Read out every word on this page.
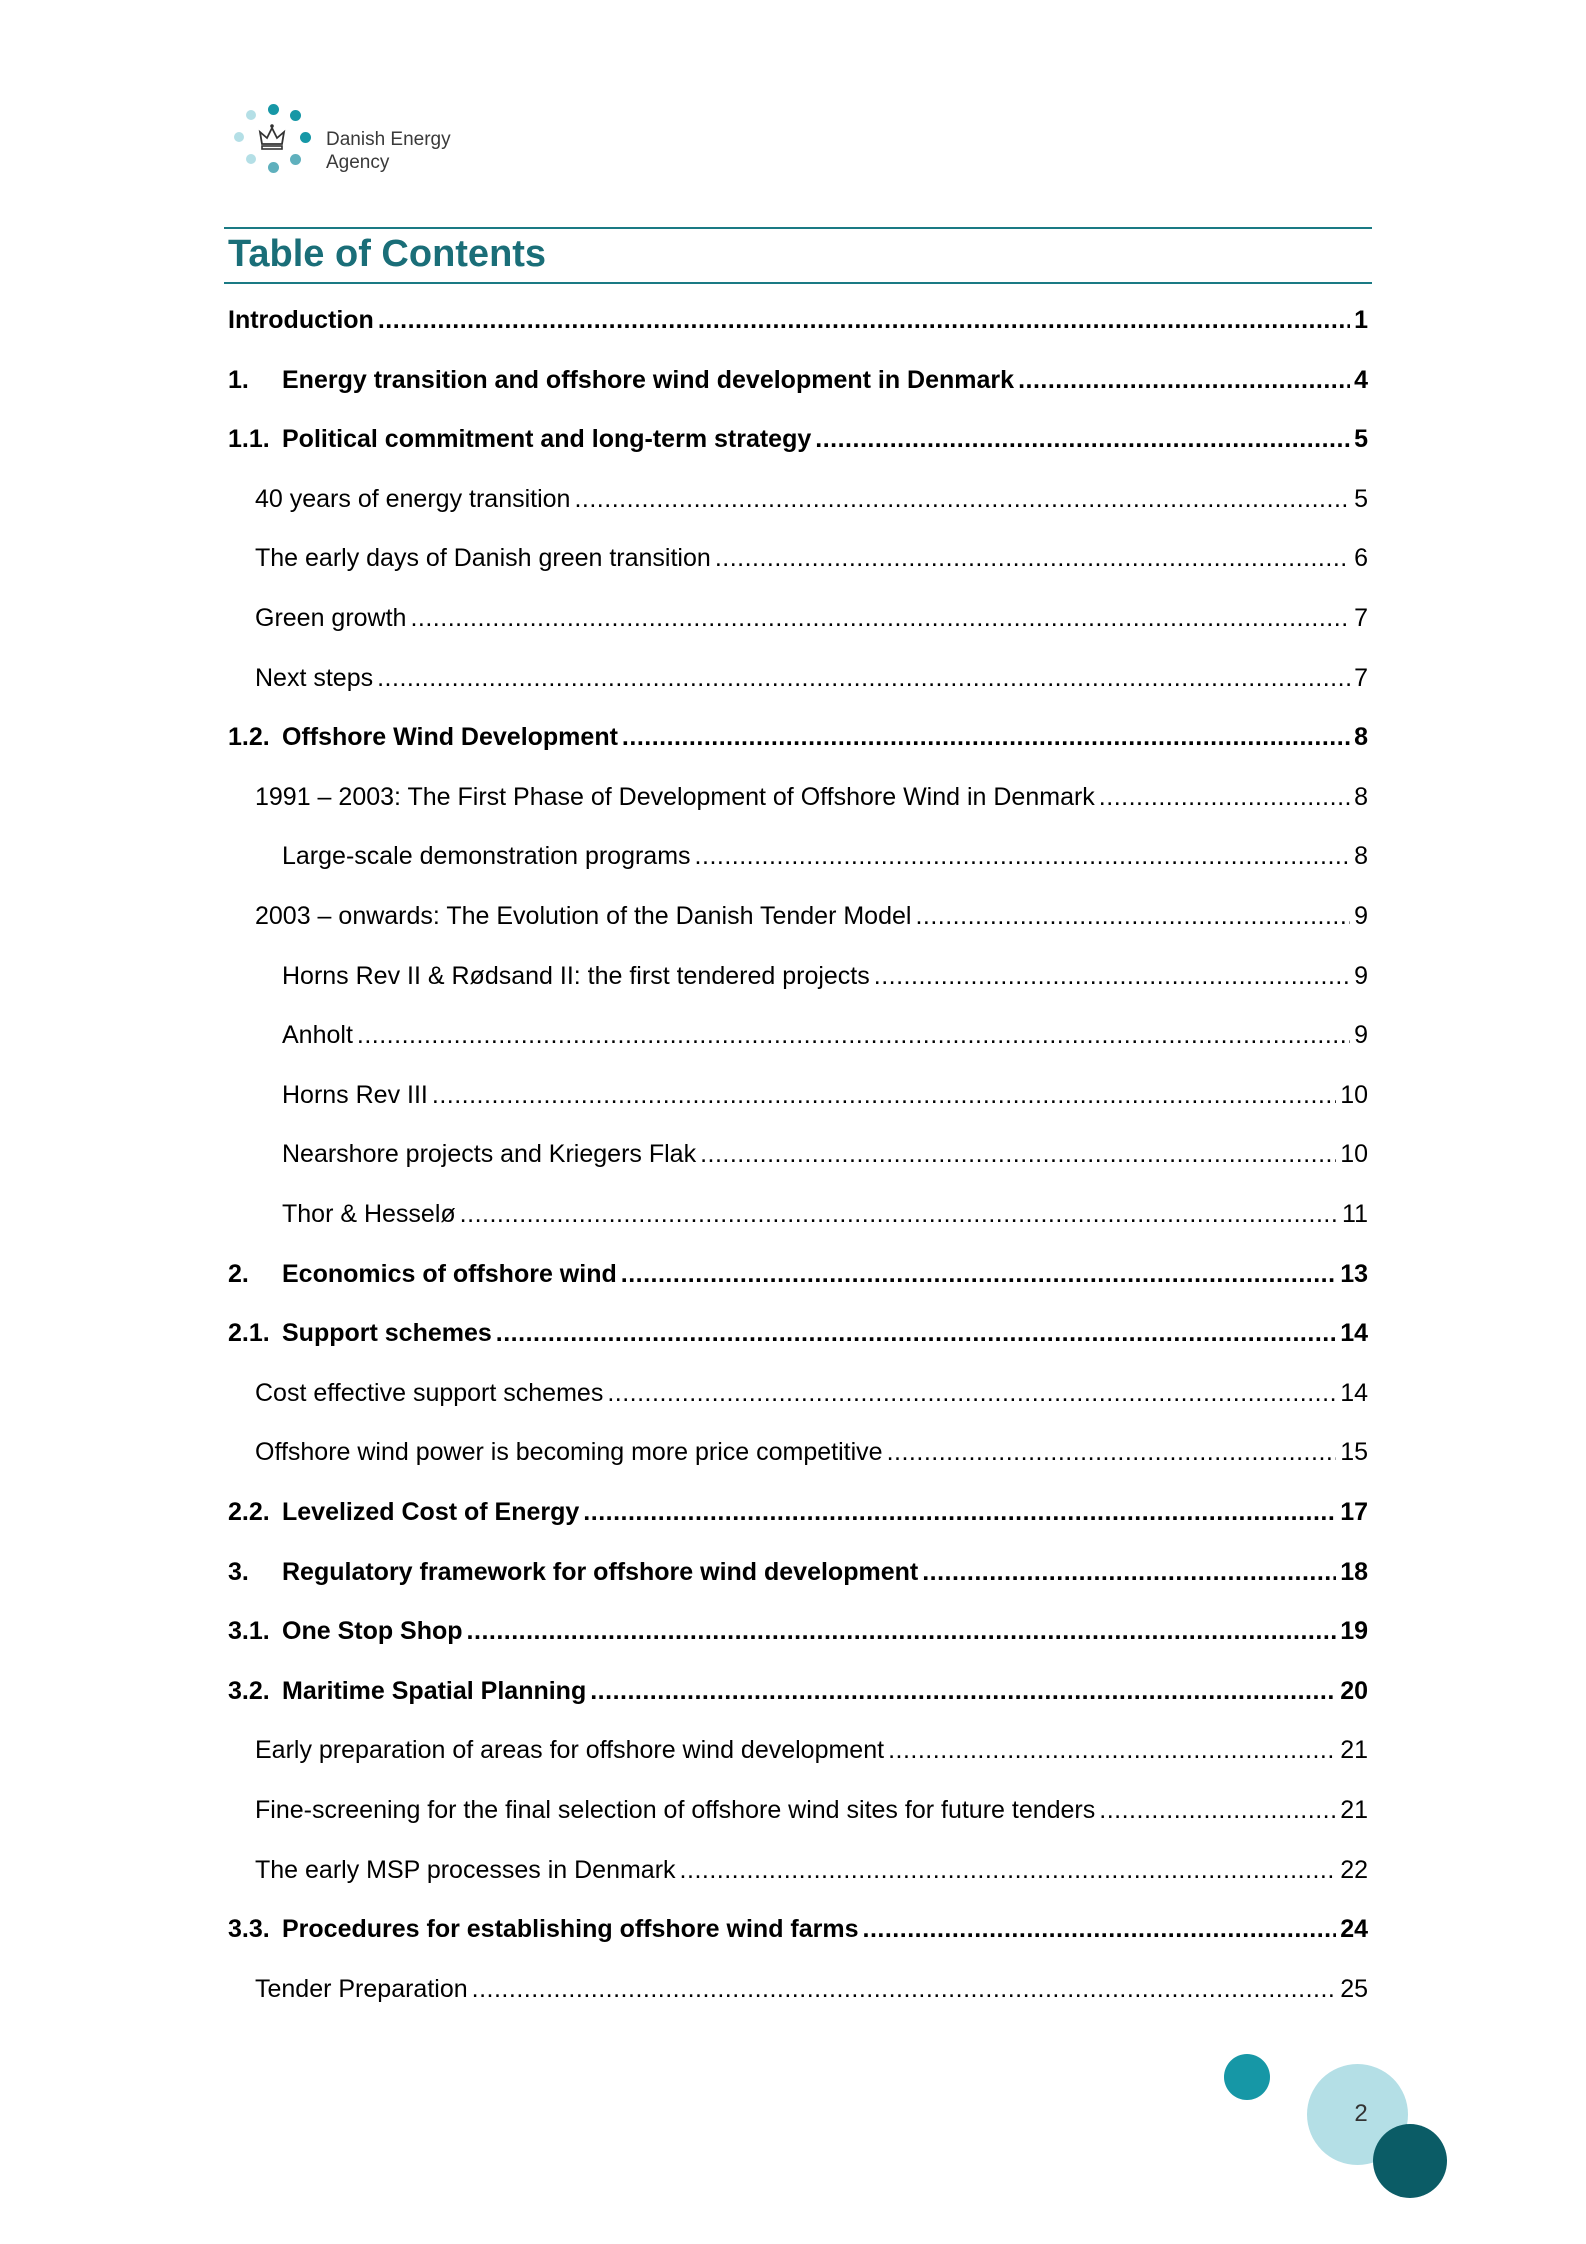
Danish Energy
Agency
Table of Contents
Introduction .....	1
1.	Energy transition and offshore wind development in Denmark .....	4
1.1. Political commitment and long-term strategy .....	5
40 years of energy transition .....	5
The early days of Danish green transition .....	6
Green growth .....	7
Next steps .....	7
1.2. Offshore Wind Development .....	8
1991 – 2003: The First Phase of Development of Offshore Wind in Denmark .....	8
Large-scale demonstration programs .....	8
2003 – onwards: The Evolution of the Danish Tender Model .....	9
Horns Rev II & Rødsand II: the first tendered projects .....	9
Anholt .....	9
Horns Rev III .....	10
Nearshore projects and Kriegers Flak .....	10
Thor & Hesselø .....	11
2.	Economics of offshore wind .....	13
2.1. Support schemes .....	14
Cost effective support schemes .....	14
Offshore wind power is becoming more price competitive .....	15
2.2. Levelized Cost of Energy .....	17
3.	Regulatory framework for offshore wind development .....	18
3.1. One Stop Shop .....	19
3.2. Maritime Spatial Planning .....	20
Early preparation of areas for offshore wind development .....	21
Fine-screening for the final selection of offshore wind sites for future tenders .....	21
The early MSP processes in Denmark .....	22
3.3. Procedures for establishing offshore wind farms .....	24
Tender Preparation .....	25
2
